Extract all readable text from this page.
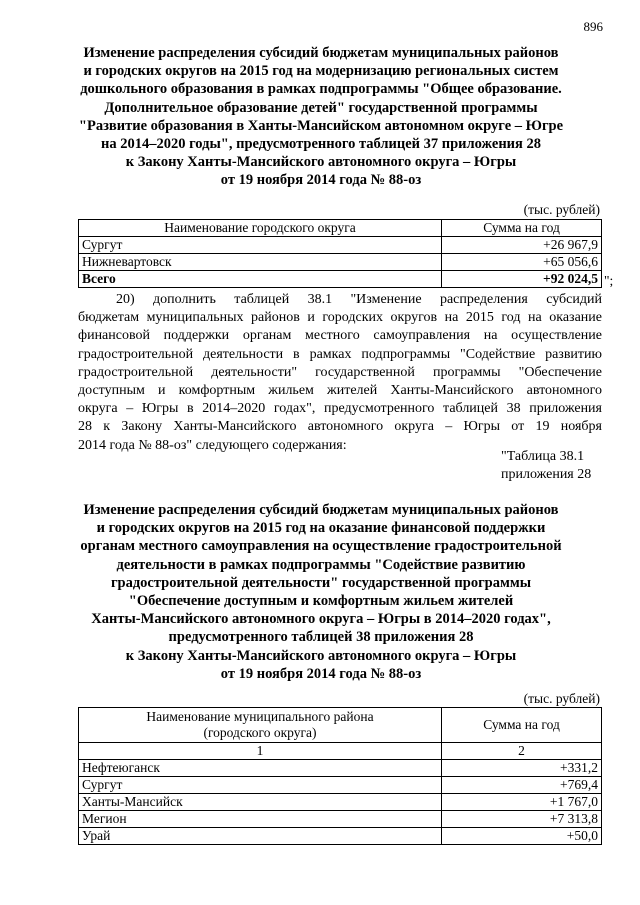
896
Изменение распределения субсидий бюджетам муниципальных районов
и городских округов на 2015 год на модернизацию региональных систем
дошкольного образования в рамках подпрограммы "Общее образование.
Дополнительное образование детей" государственной программы
"Развитие образования в Ханты-Мансийском автономном округе – Югре
на 2014–2020 годы", предусмотренного таблицей 37 приложения 28
к Закону Ханты-Мансийского автономного округа – Югры
от 19 ноября 2014 года № 88-оз
(тыс. рублей)
Наименование городского округа	Сумма на год
Сургут	+26 967,9
Нижневартовск	+65 056,6
Всего	+92 024,5 ";
20) дополнить таблицей 38.1 "Изменение распределения субсидий
бюджетам муниципальных районов и городских округов на 2015 год на оказание
финансовой поддержки органам местного самоуправления на осуществление
градостроительной деятельности в рамках подпрограммы "Содействие развитию
градостроительной деятельности" государственной программы "Обеспечение
доступным и комфортным жильем жителей Ханты-Мансийского автономного
округа – Югры в 2014–2020 годах", предусмотренного таблицей 38 приложения
28 к Закону Ханты-Мансийского автономного округа – Югры от 19 ноября
2014 года № 88-оз" следующего содержания:
"Таблица 38.1
приложения 28
Изменение распределения субсидий бюджетам муниципальных районов
и городских округов на 2015 год на оказание финансовой поддержки
органам местного самоуправления на осуществление градостроительной
деятельности в рамках подпрограммы "Содействие развитию
градостроительной деятельности" государственной программы
"Обеспечение доступным и комфортным жильем жителей
Ханты-Мансийского автономного округа – Югры в 2014–2020 годах",
предусмотренного таблицей 38 приложения 28
к Закону Ханты-Мансийского автономного округа – Югры
от 19 ноября 2014 года № 88-оз
(тыс. рублей)
Наименование муниципального района
(городского округа)	Сумма на год
1	2
Нефтеюганск	+331,2
Сургут	+769,4
Ханты-Мансийск	+1 767,0
Мегион	+7 313,8
Урай	+50,0
